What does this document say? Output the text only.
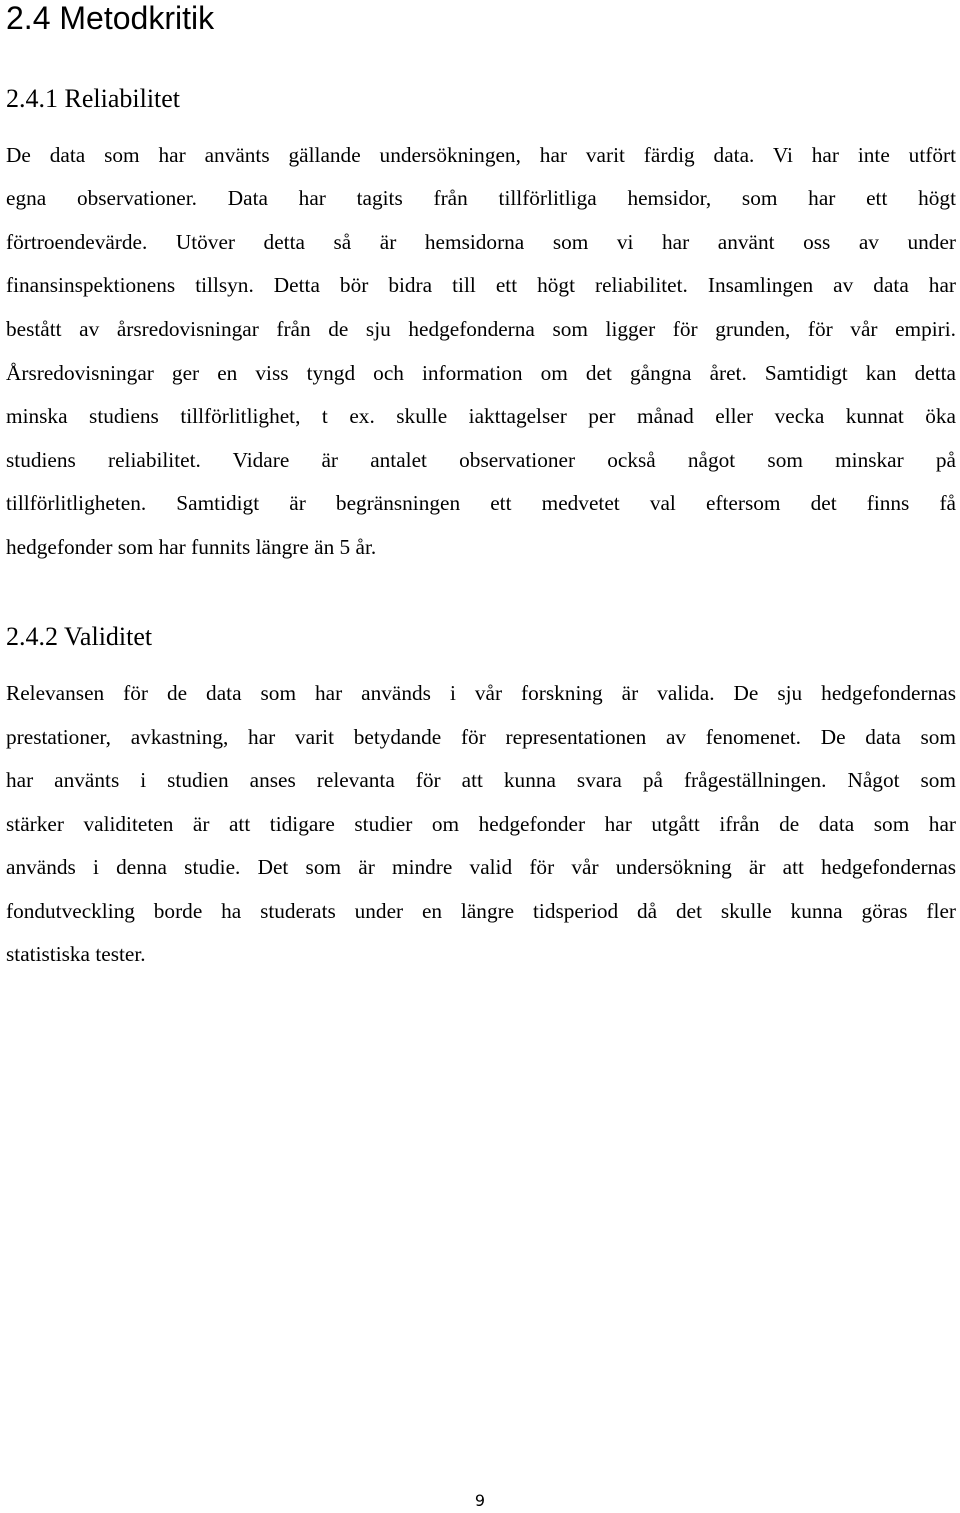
2.4 Metodkritik
2.4.1 Reliabilitet

De data som har använts gällande undersökningen, har varit färdig data. Vi har inte utfört

egna observationer. Data har tagits från tillförlitliga hemsidor, som har ett högt

förtroendevärde. Utöver detta så är hemsidorna som vi har använt oss av under

finansinspektionens tillsyn. Detta bör bidra till ett högt reliabilitet. Insamlingen av data har

bestått av årsredovisningar från de sju hedgefonderna som ligger för grunden, för vår empiri.

Årsredovisningar ger en viss tyngd och information om det gångna året. Samtidigt kan detta

minska studiens tillförlitlighet, t ex. skulle iakttagelser per månad eller vecka kunnat öka

studiens reliabilitet. Vidare är antalet observationer också något som minskar på

tillförlitligheten. Samtidigt är begränsningen ett medvetet val eftersom det finns få

hedgefonder som har funnits längre än 5 år.

2.4.2 Validitet

Relevansen för de data som har används i vår forskning är valida. De sju hedgefondernas

prestationer, avkastning, har varit betydande för representationen av fenomenet. De data som

har använts i studien anses relevanta för att kunna svara på frågeställningen. Något som

stärker validiteten är att tidigare studier om hedgefonder har utgått ifrån de data som har

används i denna studie. Det som är mindre valid för vår undersökning är att hedgefondernas

fondutveckling borde ha studerats under en längre tidsperiod då det skulle kunna göras fler

statistiska tester.

9
